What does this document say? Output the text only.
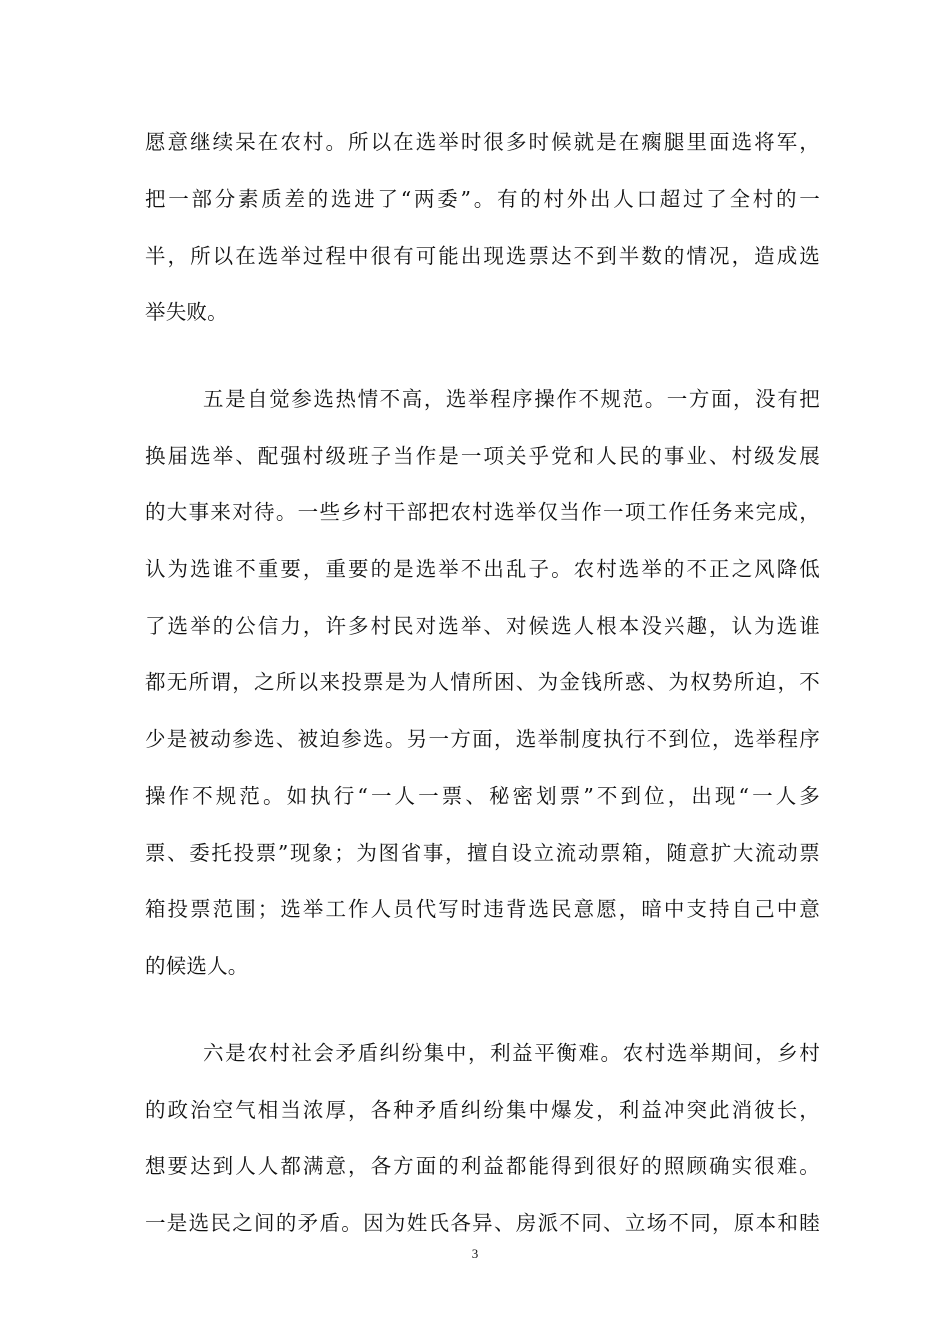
愿意继续呆在农村。所以在选举时很多时候就是在瘸腿里面选将军，
把一部分素质差的选进了“两委”。有的村外出人口超过了全村的一
半，所以在选举过程中很有可能出现选票达不到半数的情况，造成选
举失败。
五是自觉参选热情不高，选举程序操作不规范。一方面，没有把
换届选举、配强村级班子当作是一项关乎党和人民的事业、村级发展
的大事来对待。一些乡村干部把农村选举仅当作一项工作任务来完成，
认为选谁不重要，重要的是选举不出乱子。农村选举的不正之风降低
了选举的公信力，许多村民对选举、对候选人根本没兴趣，认为选谁
都无所谓，之所以来投票是为人情所困、为金钱所惑、为权势所迫，不
少是被动参选、被迫参选。另一方面，选举制度执行不到位，选举程序
操作不规范。如执行“一人一票、秘密划票”不到位，出现“一人多
票、委托投票”现象；为图省事，擅自设立流动票箱，随意扩大流动票
箱投票范围；选举工作人员代写时违背选民意愿，暗中支持自己中意
的候选人。
六是农村社会矛盾纠纷集中，利益平衡难。农村选举期间，乡村
的政治空气相当浓厚，各种矛盾纠纷集中爆发，利益冲突此消彼长，
想要达到人人都满意，各方面的利益都能得到很好的照顾确实很难。
一是选民之间的矛盾。因为姓氏各异、房派不同、立场不同，原本和睦
3
